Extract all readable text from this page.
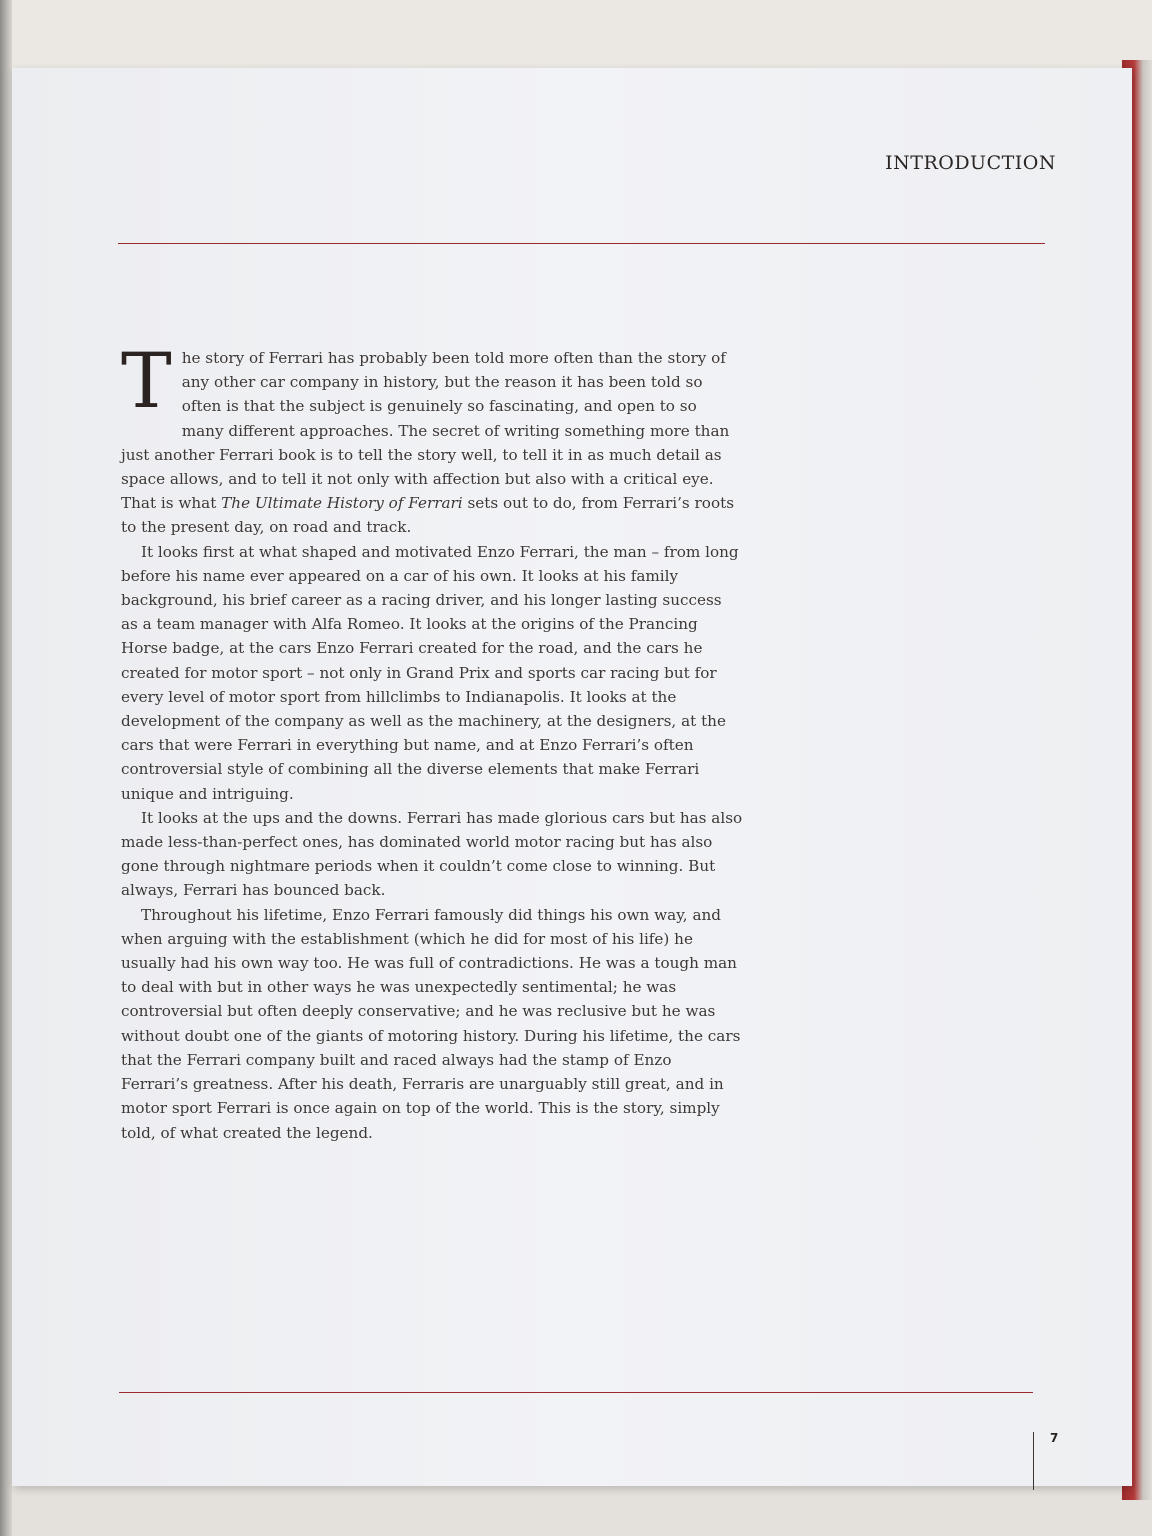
INTRODUCTION

The story of Ferrari has probably been told more often than the story of any other car company in history, but the reason it has been told so often is that the subject is genuinely so fascinating, and open to so many different approaches. The secret of writing something more than just another Ferrari book is to tell the story well, to tell it in as much detail as space allows, and to tell it not only with affection but also with a critical eye. That is what The Ultimate History of Ferrari sets out to do, from Ferrari’s roots to the present day, on road and track.

It looks first at what shaped and motivated Enzo Ferrari, the man – from long before his name ever appeared on a car of his own. It looks at his family background, his brief career as a racing driver, and his longer lasting success as a team manager with Alfa Romeo. It looks at the origins of the Prancing Horse badge, at the cars Enzo Ferrari created for the road, and the cars he created for motor sport – not only in Grand Prix and sports car racing but for every level of motor sport from hillclimbs to Indianapolis. It looks at the development of the company as well as the machinery, at the designers, at the cars that were Ferrari in everything but name, and at Enzo Ferrari’s often controversial style of combining all the diverse elements that make Ferrari unique and intriguing.

It looks at the ups and the downs. Ferrari has made glorious cars but has also made less-than-perfect ones, has dominated world motor racing but has also gone through nightmare periods when it couldn’t come close to winning. But always, Ferrari has bounced back.

Throughout his lifetime, Enzo Ferrari famously did things his own way, and when arguing with the establishment (which he did for most of his life) he usually had his own way too. He was full of contradictions. He was a tough man to deal with but in other ways he was unexpectedly sentimental; he was controversial but often deeply conservative; and he was reclusive but he was without doubt one of the giants of motoring history. During his lifetime, the cars that the Ferrari company built and raced always had the stamp of Enzo Ferrari’s greatness. After his death, Ferraris are unarguably still great, and in motor sport Ferrari is once again on top of the world. This is the story, simply told, of what created the legend.

7
